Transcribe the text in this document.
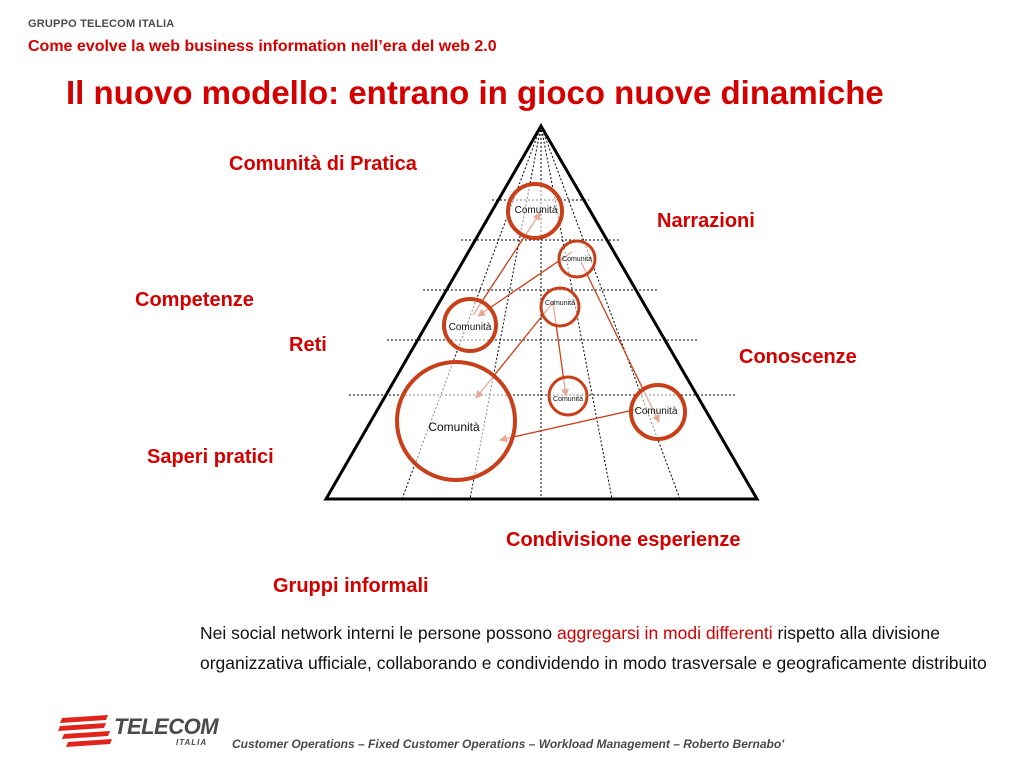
GRUPPO TELECOM ITALIA
Come evolve la web business information nell’era del web 2.0
Il nuovo modello: entrano in gioco nuove dinamiche
Comunità di Pratica
Narrazioni
Competenze
Reti
Conoscenze
Saperi pratici
Condivisione esperienze
Gruppi informali
Comunità
Comunità
Comunità
Comunità
Comunità
Comunità
Comunità
Nei social network interni le persone possono aggregarsi in modi differenti rispetto alla divisione organizzativa ufficiale, collaborando e condividendo in modo trasversale e geograficamente distribuito
TELECOM
ITALIA Customer Operations – Fixed Customer Operations – Workload Management – Roberto Bernabo'
